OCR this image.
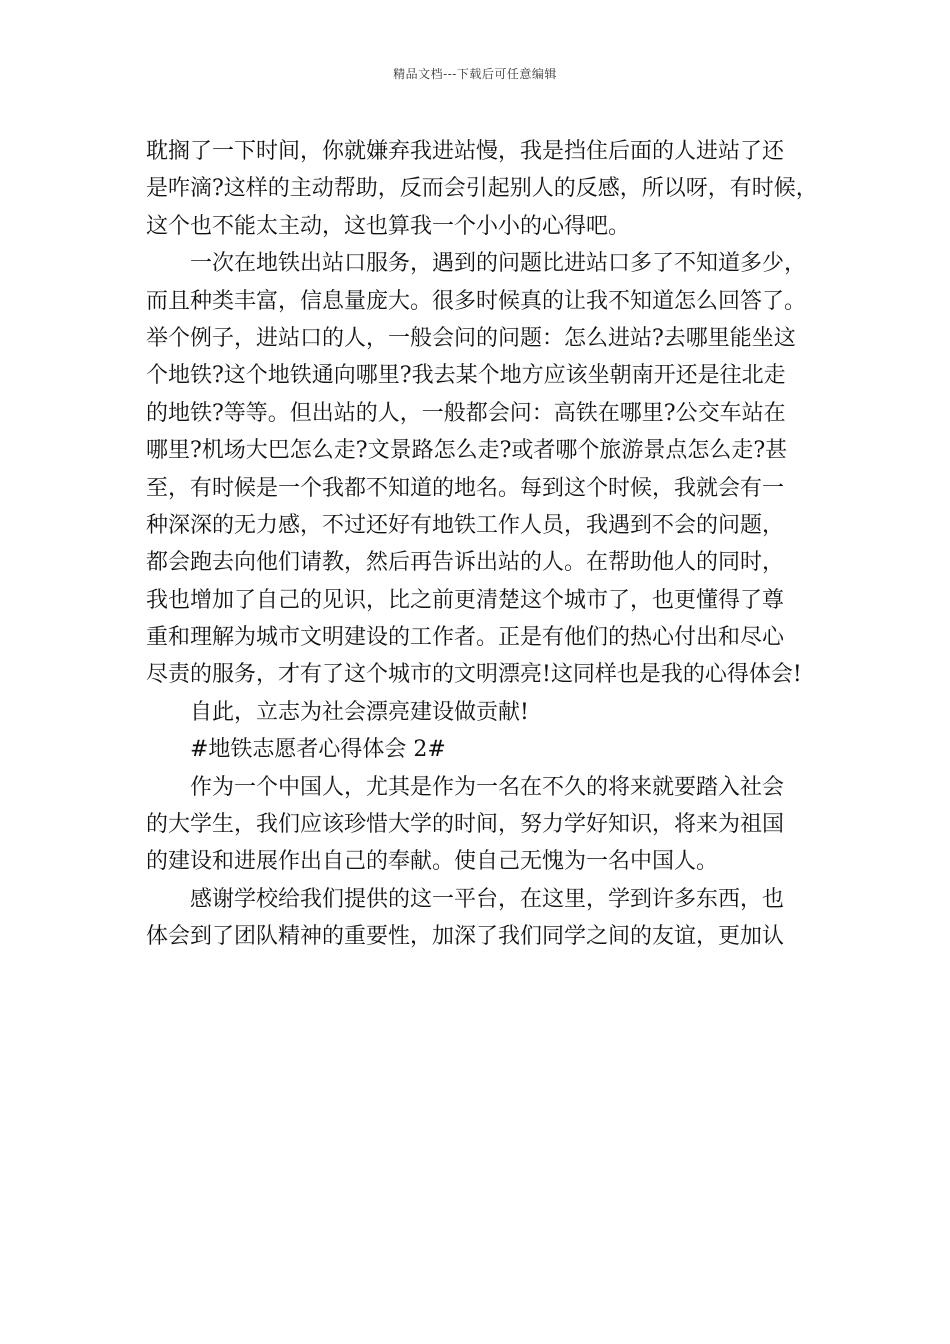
精品文档---下载后可任意编辑
耽搁了一下时间，你就嫌弃我进站慢，我是挡住后面的人进站了还
是咋滴?这样的主动帮助，反而会引起别人的反感，所以呀，有时候，
这个也不能太主动，这也算我一个小小的心得吧。
一次在地铁出站口服务，遇到的问题比进站口多了不知道多少，
而且种类丰富，信息量庞大。很多时候真的让我不知道怎么回答了。
举个例子，进站口的人，一般会问的问题：怎么进站?去哪里能坐这
个地铁?这个地铁通向哪里?我去某个地方应该坐朝南开还是往北走
的地铁?等等。但出站的人，一般都会问：高铁在哪里?公交车站在
哪里?机场大巴怎么走?文景路怎么走?或者哪个旅游景点怎么走?甚
至，有时候是一个我都不知道的地名。每到这个时候，我就会有一
种深深的无力感，不过还好有地铁工作人员，我遇到不会的问题，
都会跑去向他们请教，然后再告诉出站的人。在帮助他人的同时，
我也增加了自己的见识，比之前更清楚这个城市了，也更懂得了尊
重和理解为城市文明建设的工作者。正是有他们的热心付出和尽心
尽责的服务，才有了这个城市的文明漂亮!这同样也是我的心得体会!
自此，立志为社会漂亮建设做贡献!
#地铁志愿者心得体会 2#
作为一个中国人，尤其是作为一名在不久的将来就要踏入社会
的大学生，我们应该珍惜大学的时间，努力学好知识，将来为祖国
的建设和进展作出自己的奉献。使自己无愧为一名中国人。
感谢学校给我们提供的这一平台，在这里，学到许多东西，也
体会到了团队精神的重要性，加深了我们同学之间的友谊，更加认
